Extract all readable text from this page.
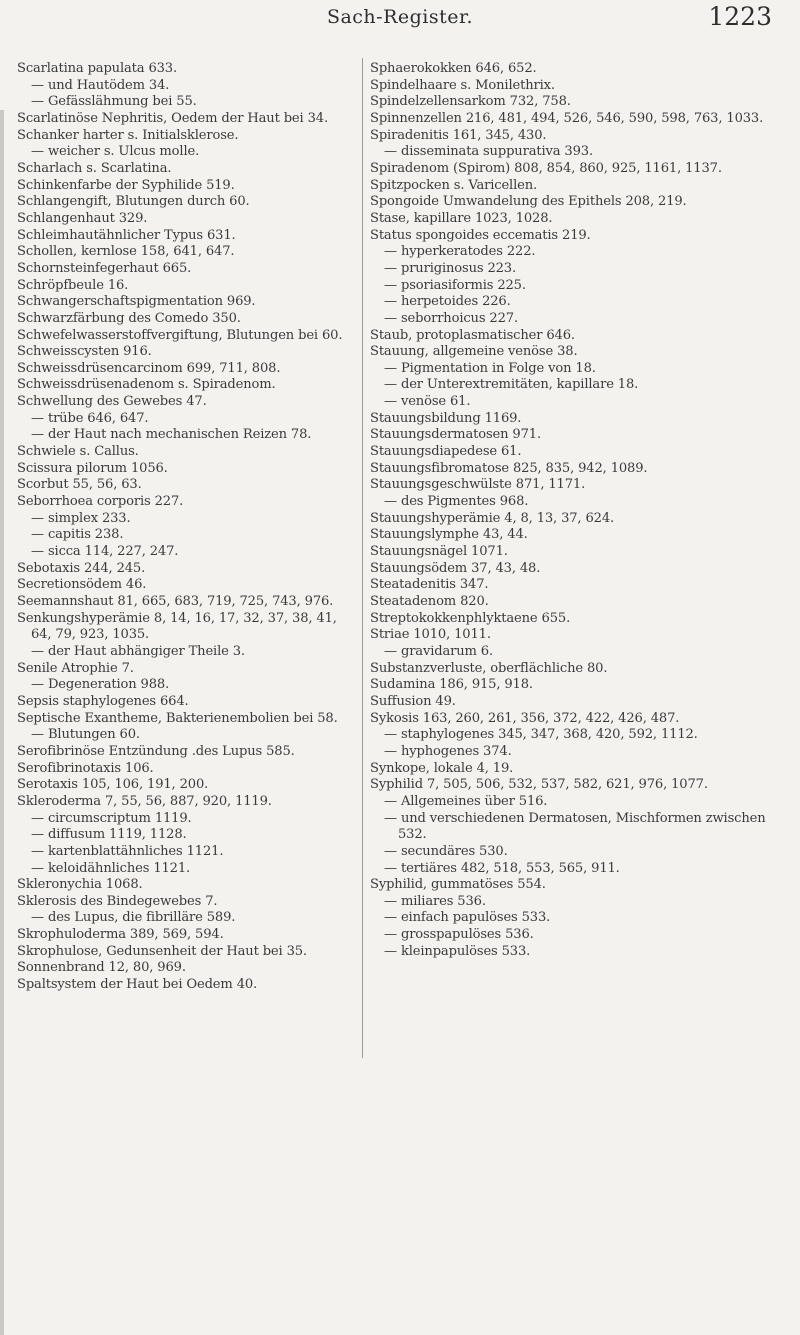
Sach-Register.	1223
Scarlatina papulata 633.
— und Hautödem 34.
— Gefässlähmung bei 55.
Scarlatinöse Nephritis, Oedem der Haut bei 34.
Schanker harter s. Initialsklerose.
— weicher s. Ulcus molle.
Scharlach s. Scarlatina.
Schinkenfarbe der Syphilide 519.
Schlangengift, Blutungen durch 60.
Schlangenhaut 329.
Schleimhautähnlicher Typus 631.
Schollen, kernlose 158, 641, 647.
Schornsteinfegerhaut 665.
Schröpfbeule 16.
Schwangerschaftspigmentation 969.
Schwarzfärbung des Comedo 350.
Schwefelwasserstoffvergiftung, Blutungen bei 60.
Schweisscysten 916.
Schweissdrüsencarcinom 699, 711, 808.
Schweissdrüsenadenom s. Spiradenom.
Schwellung des Gewebes 47.
— trübe 646, 647.
— der Haut nach mechanischen Reizen 78.
Schwiele s. Callus.
Scissura pilorum 1056.
Scorbut 55, 56, 63.
Seborrhoea corporis 227.
— simplex 233.
— capitis 238.
— sicca 114, 227, 247.
Sebotaxis 244, 245.
Secretionsödem 46.
Seemannshaut 81, 665, 683, 719, 725, 743, 976.
Senkungshyperämie 8, 14, 16, 17, 32, 37, 38, 41, 64, 79, 923, 1035.
— der Haut abhängiger Theile 3.
Senile Atrophie 7.
— Degeneration 988.
Sepsis staphylogenes 664.
Septische Exantheme, Bakterienembolien bei 58.
— Blutungen 60.
Serofibrinöse Entzündung .des Lupus 585.
Serofibrinotaxis 106.
Serotaxis 105, 106, 191, 200.
Skleroderma 7, 55, 56, 887, 920, 1119.
— circumscriptum 1119.
— diffusum 1119, 1128.
— kartenblattähnliches 1121.
— keloidähnliches 1121.
Skleronychia 1068.
Sklerosis des Bindegewebes 7.
— des Lupus, die fibrilläre 589.
Skrophuloderma 389, 569, 594.
Skrophulose, Gedunsenheit der Haut bei 35.
Sonnenbrand 12, 80, 969.
Spaltsystem der Haut bei Oedem 40.
Sphaerokokken 646, 652.
Spindelhaare s. Monilethrix.
Spindelzellensarkom 732, 758.
Spinnenzellen 216, 481, 494, 526, 546, 590, 598, 763, 1033.
Spiradenitis 161, 345, 430.
— disseminata suppurativa 393.
Spiradenom (Spirom) 808, 854, 860, 925, 1161, 1137.
Spitzpocken s. Varicellen.
Spongoide Umwandelung des Epithels 208, 219.
Stase, kapillare 1023, 1028.
Status spongoides eccematis 219.
— hyperkeratodes 222.
— pruriginosus 223.
— psoriasiformis 225.
— herpetoides 226.
— seborrhoicus 227.
Staub, protoplasmatischer 646.
Stauung, allgemeine venöse 38.
— Pigmentation in Folge von 18.
— der Unterextremitäten, kapillare 18.
— venöse 61.
Stauungsbildung 1169.
Stauungsdermatosen 971.
Stauungsdiapedese 61.
Stauungsfibromatose 825, 835, 942, 1089.
Stauungsgeschwülste 871, 1171.
— des Pigmentes 968.
Stauungshyperämie 4, 8, 13, 37, 624.
Stauungslymphe 43, 44.
Stauungsnägel 1071.
Stauungsödem 37, 43, 48.
Steatadenitis 347.
Steatadenom 820.
Streptokokkenphlyktaene 655.
Striae 1010, 1011.
— gravidarum 6.
Substanzverluste, oberflächliche 80.
Sudamina 186, 915, 918.
Suffusion 49.
Sykosis 163, 260, 261, 356, 372, 422, 426, 487.
— staphylogenes 345, 347, 368, 420, 592, 1112.
— hyphogenes 374.
Synkope, lokale 4, 19.
Syphilid 7, 505, 506, 532, 537, 582, 621, 976, 1077.
— Allgemeines über 516.
— und verschiedenen Dermatosen, Mischformen zwischen 532.
— secundäres 530.
— tertiäres 482, 518, 553, 565, 911.
Syphilid, gummatöses 554.
— miliares 536.
— einfach papulöses 533.
— grosspapulöses 536.
— kleinpapulöses 533.
